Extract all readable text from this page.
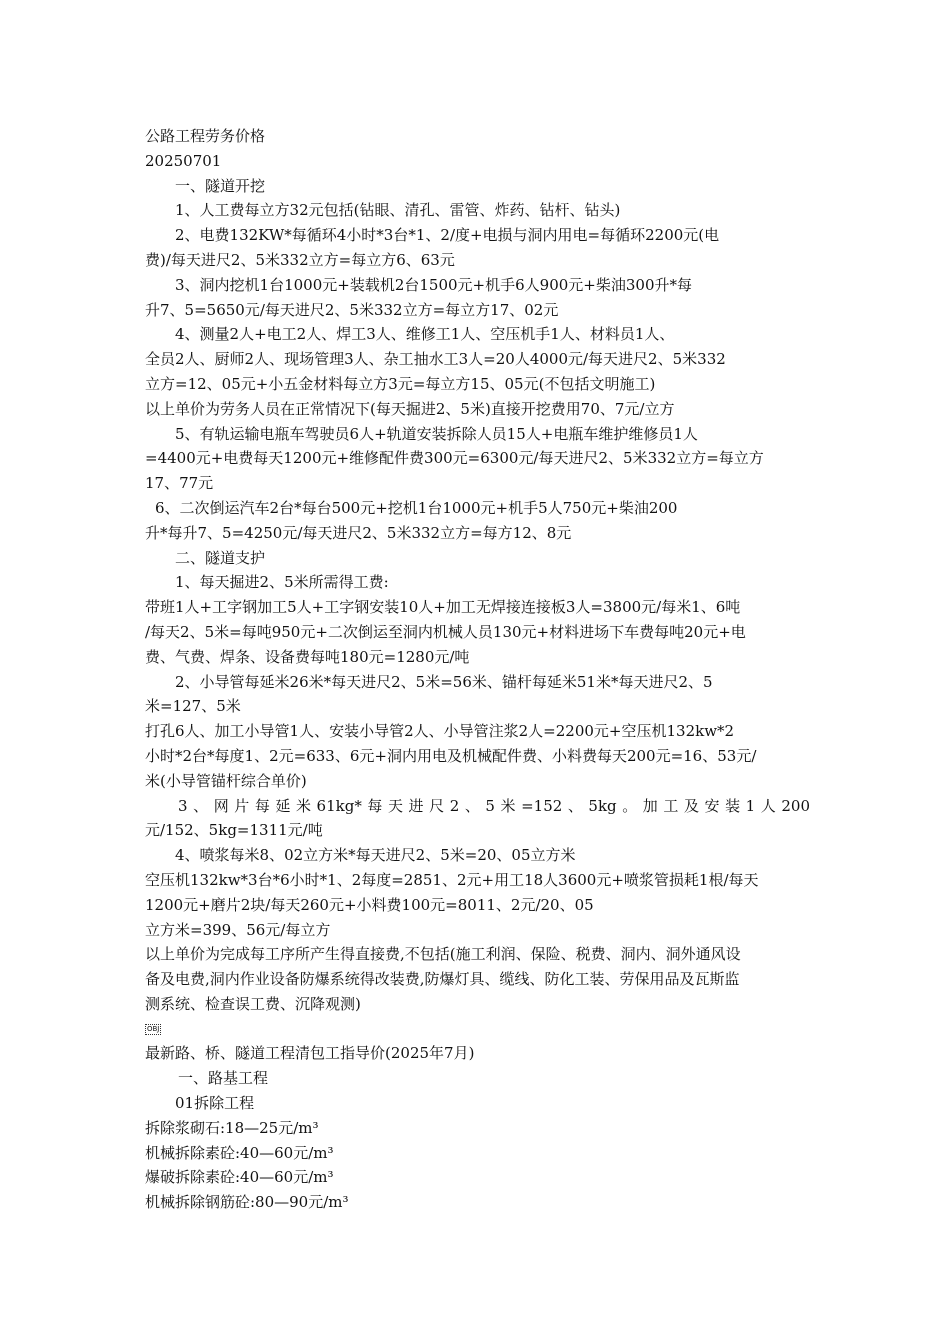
公路工程劳务价格
20250701
一、隧道开挖
1、人工费每立方32元包括(钻眼、清孔、雷管、炸药、钻杆、钻头)
2、电费132KW*每循环4小时*3台*1、2/度+电损与洞内用电=每循环2200元(电
费)/每天进尺2、5米332立方=每立方6、63元
3、洞内挖机1台1000元+装载机2台1500元+机手6人900元+柴油300升*每
升7、5=5650元/每天进尺2、5米332立方=每立方17、02元
4、测量2人+电工2人、焊工3人、维修工1人、空压机手1人、材料员1人、
全员2人、厨师2人、现场管理3人、杂工抽水工3人=20人4000元/每天进尺2、5米332
立方=12、05元+小五金材料每立方3元=每立方15、05元(不包括文明施工)
以上单价为劳务人员在正常情况下(每天掘进2、5米)直接开挖费用70、7元/立方
5、有轨运输电瓶车驾驶员6人+轨道安装拆除人员15人+电瓶车维护维修员1人
=4400元+电费每天1200元+维修配件费300元=6300元/每天进尺2、5米332立方=每立方
17、77元
6、二次倒运汽车2台*每台500元+挖机1台1000元+机手5人750元+柴油200
升*每升7、5=4250元/每天进尺2、5米332立方=每方12、8元
二、隧道支护
1、每天掘进2、5米所需得工费:
带班1人+工字钢加工5人+工字钢安装10人+加工无焊接连接板3人=3800元/每米1、6吨
/每天2、5米=每吨950元+二次倒运至洞内机械人员130元+材料进场下车费每吨20元+电
费、气费、焊条、设备费每吨180元=1280元/吨
2、小导管每延米26米*每天进尺2、5米=56米、锚杆每延米51米*每天进尺2、5
米=127、5米
打孔6人、加工小导管1人、安装小导管2人、小导管注浆2人=2200元+空压机132kw*2
小时*2台*每度1、2元=633、6元+洞内用电及机械配件费、小料费每天200元=16、53元/
米(小导管锚杆综合单价)
3、网片每延米61kg*每天进尺2、5米=152、5kg。加工及安装1人200
元/152、5kg=1311元/吨
4、喷浆每米8、02立方米*每天进尺2、5米=20、05立方米
空压机132kw*3台*6小时*1、2每度=2851、2元+用工18人3600元+喷浆管损耗1根/每天
1200元+磨片2块/每天260元+小料费100元=8011、2元/20、05
立方米=399、56元/每立方
以上单价为完成每工序所产生得直接费,不包括(施工利润、保险、税费、洞内、洞外通风设
备及电费,洞内作业设备防爆系统得改装费,防爆灯具、缆线、防化工装、劳保用品及瓦斯监
测系统、检查误工费、沉降观测)
OBJ
最新路、桥、隧道工程清包工指导价(2025年7月)
一、路基工程
01拆除工程
拆除浆砌石:18—25元/m³
机械拆除素砼:40—60元/m³
爆破拆除素砼:40—60元/m³
机械拆除钢筋砼:80—90元/m³
